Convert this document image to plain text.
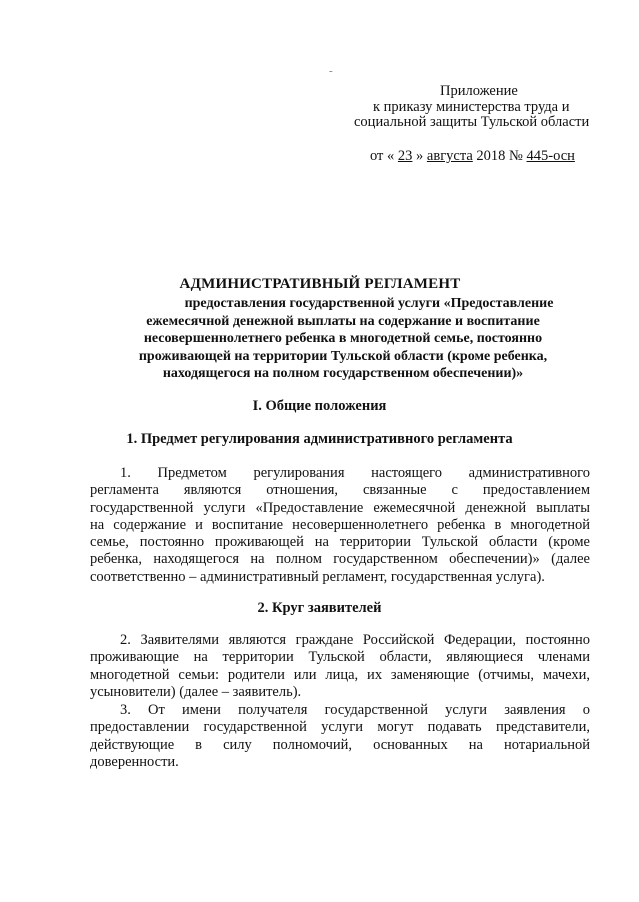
-
Приложение
к приказу министерства труда и
социальной защиты Тульской области
от « 23 » августа 2018 № 445-осн
АДМИНИСТРАТИВНЫЙ РЕГЛАМЕНТ
предоставления государственной услуги «Предоставление
ежемесячной денежной выплаты на содержание и воспитание
несовершеннолетнего ребенка в многодетной семье, постоянно
проживающей на территории Тульской области (кроме ребенка,
находящегося на полном государственном обеспечении)»
I. Общие положения
1. Предмет регулирования административного регламента
1. Предметом регулирования настоящего административного
регламента являются отношения, связанные с предоставлением
государственной услуги «Предоставление ежемесячной денежной выплаты
на содержание и воспитание несовершеннолетнего ребенка в многодетной
семье, постоянно проживающей на территории Тульской области (кроме
ребенка, находящегося на полном государственном обеспечении)» (далее
соответственно – административный регламент, государственная услуга).
2. Круг заявителей
2. Заявителями являются граждане Российской Федерации, постоянно
проживающие на территории Тульской области, являющиеся членами
многодетной семьи: родители или лица, их заменяющие (отчимы, мачехи,
усыновители) (далее – заявитель).
3. От имени получателя государственной услуги заявления о
предоставлении государственной услуги могут подавать представители,
действующие в силу полномочий, основанных на нотариальной
доверенности.
